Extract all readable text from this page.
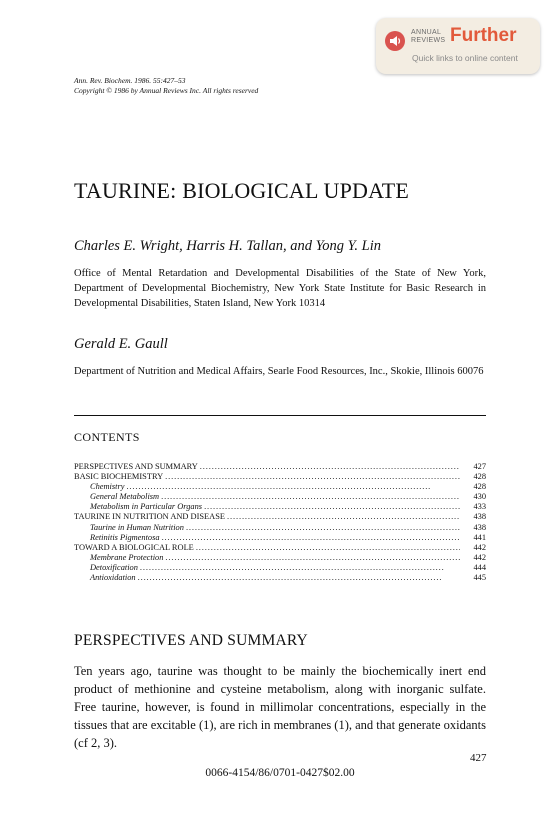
ANNUAL
REVIEWS Further
Quick links to online content
Ann. Rev. Biochem. 1986. 55:427–53
Copyright © 1986 by Annual Reviews Inc. All rights reserved
TAURINE: BIOLOGICAL UPDATE
Charles E. Wright, Harris H. Tallan, and Yong Y. Lin
Office of Mental Retardation and Developmental Disabilities of the State of New York, Department of Developmental Biochemistry, New York State Institute for Basic Research in Developmental Disabilities, Staten Island, New York 10314
Gerald E. Gaull
Department of Nutrition and Medical Affairs, Searle Food Resources, Inc., Skokie, Illinois 60076
CONTENTS
PERSPECTIVES AND SUMMARY . . .	427
BASIC BIOCHEMISTRY . . .	428
Chemistry . . .	428
General Metabolism . . .	430
Metabolism in Particular Organs . . .	433
TAURINE IN NUTRITION AND DISEASE . . .	438
Taurine in Human Nutrition . . .	438
Retinitis Pigmentosa . . .	441
TOWARD A BIOLOGICAL ROLE . . .	442
Membrane Protection . . .	442
Detoxification . . .	444
Antioxidation . . .	445
PERSPECTIVES AND SUMMARY
Ten years ago, taurine was thought to be mainly the biochemically inert end product of methionine and cysteine metabolism, along with inorganic sulfate. Free taurine, however, is found in millimolar concentrations, especially in the tissues that are excitable (1), are rich in membranes (1), and that generate oxidants (cf 2, 3).
427
0066-4154/86/0701-0427$02.00
